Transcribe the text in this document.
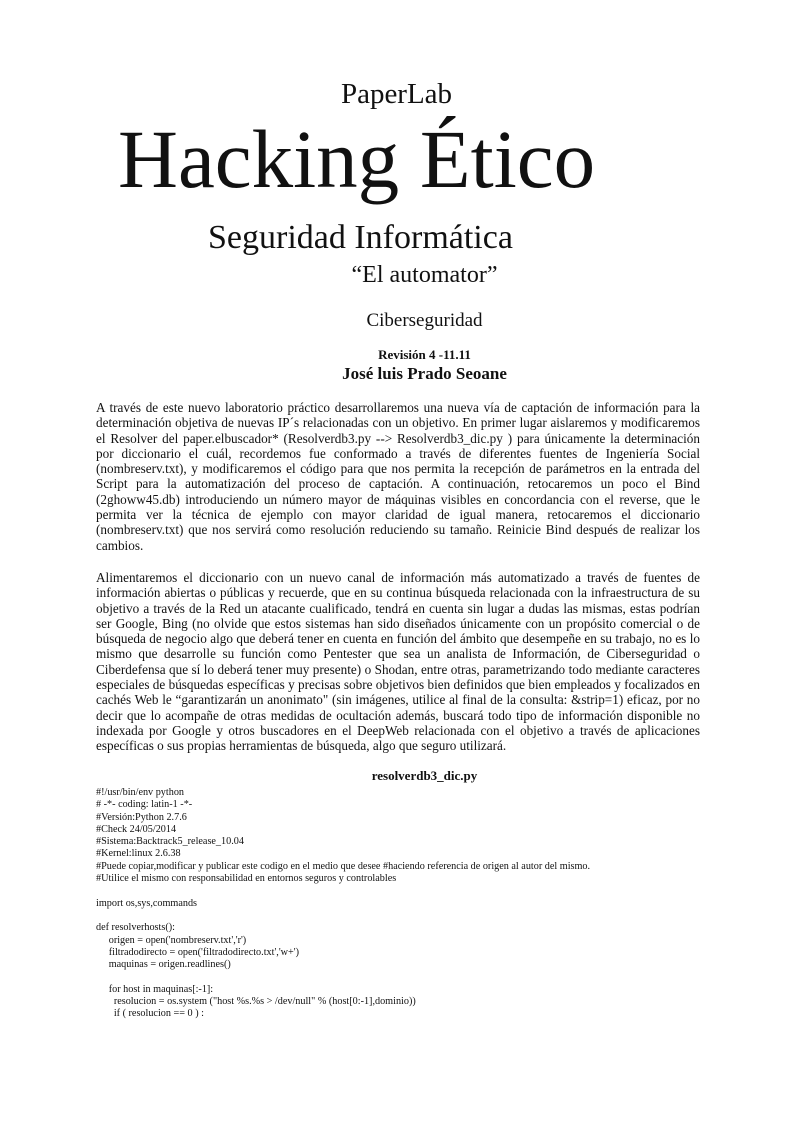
PaperLab
Hacking Ético
Seguridad Informática
“El automator”
Ciberseguridad
Revisión 4 -11.11
José luis Prado Seoane

A través de este nuevo laboratorio práctico desarrollaremos una nueva vía de captación de información para la determinación objetiva de nuevas IP´s relacionadas con un objetivo. En primer lugar aislaremos y modificaremos el Resolver del paper.elbuscador* (Resolverdb3.py --> Resolverdb3_dic.py ) para únicamente la determinación por diccionario el cuál, recordemos fue conformado a través de diferentes fuentes de Ingeniería Social (nombreserv.txt), y modificaremos el código para que nos permita la recepción de parámetros en la entrada del Script para la automatización del proceso de captación. A continuación, retocaremos un poco el Bind (2ghoww45.db) introduciendo un número mayor de máquinas visibles en concordancia con el reverse, que le permita ver la técnica de ejemplo con mayor claridad de igual manera, retocaremos el diccionario (nombreserv.txt) que nos servirá como resolución reduciendo su tamaño. Reinicie Bind después de realizar los cambios.

Alimentaremos el diccionario con un nuevo canal de información más automatizado a través de fuentes de información abiertas o públicas y recuerde, que en su continua búsqueda relacionada con la infraestructura de su objetivo a través de la Red un atacante cualificado, tendrá en cuenta sin lugar a dudas las mismas, estas podrían ser Google, Bing (no olvide que estos sistemas han sido diseñados únicamente con un propósito comercial o de búsqueda de negocio algo que deberá tener en cuenta en función del ámbito que desempeñe en su trabajo, no es lo mismo que desarrolle su función como Pentester que sea un analista de Información, de Ciberseguridad o Ciberdefensa que sí lo deberá tener muy presente) o Shodan, entre otras, parametrizando todo mediante caracteres especiales de búsquedas específicas y precisas sobre objetivos bien definidos que bien empleados y focalizados en cachés Web le “garantizarán un anonimato" (sin imágenes, utilice al final de la consulta: &strip=1) eficaz, por no decir que lo acompañe de otras medidas de ocultación además, buscará todo tipo de información disponible no indexada por Google y otros buscadores en el DeepWeb relacionada con el objetivo a través de aplicaciones específicas o sus propias herramientas de búsqueda, algo que seguro utilizará.

resolverdb3_dic.py
#!/usr/bin/env python
# -*- coding: latin-1 -*-
#Versión:Python 2.7.6
#Check 24/05/2014
#Sistema:Backtrack5_release_10.04
#Kernel:linux 2.6.38
#Puede copiar,modificar y publicar este codigo en el medio que desee #haciendo referencia de origen al autor del mismo.
#Utilice el mismo con responsabilidad en entornos seguros y controlables
import os,sys,commands
def resolverhosts():
origen = open('nombreserv.txt','r')
filtradodirecto = open('filtradodirecto.txt','w+')
maquinas = origen.readlines()
for host in maquinas[:-1]:
resolucion = os.system ("host %s.%s > /dev/null" % (host[0:-1],dominio))
if ( resolucion == 0 ) :
